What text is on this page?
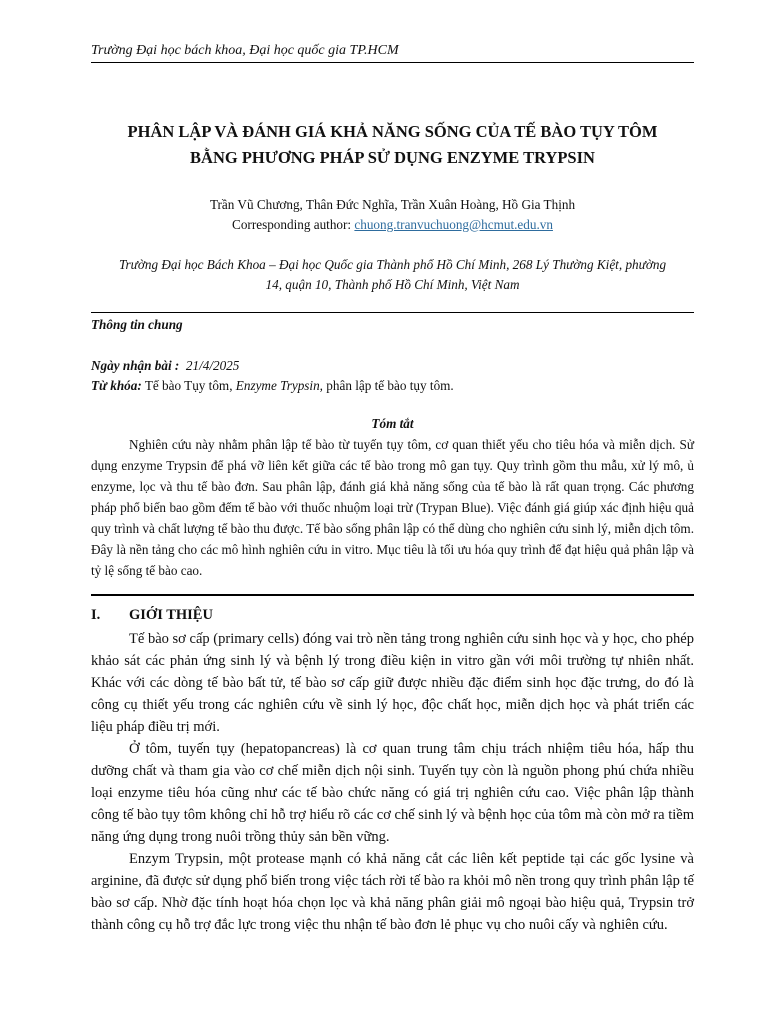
Trường Đại học bách khoa, Đại học quốc gia TP.HCM
PHÂN LẬP VÀ ĐÁNH GIÁ KHẢ NĂNG SỐNG CỦA TẾ BÀO TỤY TÔM
BẰNG PHƯƠNG PHÁP SỬ DỤNG ENZYME TRYPSIN
Trần Vũ Chương, Thân Đức Nghĩa, Trần Xuân Hoàng, Hồ Gia Thịnh
Corresponding author: chuong.tranvuchuong@hcmut.edu.vn
Trường Đại học Bách Khoa – Đại học Quốc gia Thành phố Hồ Chí Minh, 268 Lý Thường Kiệt, phường
14, quận 10, Thành phố Hồ Chí Minh, Việt Nam
Thông tin chung
Ngày nhận bài : 21/4/2025
Từ khóa: Tế bào Tụy tôm, Enzyme Trypsin, phân lập tế bào tụy tôm.
Tóm tắt

Nghiên cứu này nhằm phân lập tế bào từ tuyến tụy tôm, cơ quan thiết yếu cho tiêu hóa và miễn dịch. Sử dụng enzyme Trypsin để phá vỡ liên kết giữa các tế bào trong mô gan tụy. Quy trình gồm thu mẫu, xử lý mô, ủ enzyme, lọc và thu tế bào đơn. Sau phân lập, đánh giá khả năng sống của tế bào là rất quan trọng. Các phương pháp phổ biến bao gồm đếm tế bào với thuốc nhuộm loại trừ (Trypan Blue). Việc đánh giá giúp xác định hiệu quả quy trình và chất lượng tế bào thu được. Tế bào sống phân lập có thể dùng cho nghiên cứu sinh lý, miễn dịch tôm. Đây là nền tảng cho các mô hình nghiên cứu in vitro. Mục tiêu là tối ưu hóa quy trình để đạt hiệu quả phân lập và tỷ lệ sống tế bào cao.

I. GIỚI THIỆU

Tế bào sơ cấp (primary cells) đóng vai trò nền tảng trong nghiên cứu sinh học và y học, cho phép khảo sát các phản ứng sinh lý và bệnh lý trong điều kiện in vitro gần với môi trường tự nhiên nhất. Khác với các dòng tế bào bất tử, tế bào sơ cấp giữ được nhiều đặc điểm sinh học đặc trưng, do đó là công cụ thiết yếu trong các nghiên cứu về sinh lý học, độc chất học, miễn dịch học và phát triển các liệu pháp điều trị mới.

Ở tôm, tuyến tụy (hepatopancreas) là cơ quan trung tâm chịu trách nhiệm tiêu hóa, hấp thu dưỡng chất và tham gia vào cơ chế miễn dịch nội sinh. Tuyến tụy còn là nguồn phong phú chứa nhiều loại enzyme tiêu hóa cũng như các tế bào chức năng có giá trị nghiên cứu cao. Việc phân lập thành công tế bào tụy tôm không chỉ hỗ trợ hiểu rõ các cơ chế sinh lý và bệnh học của tôm mà còn mở ra tiềm năng ứng dụng trong nuôi trồng thủy sản bền vững.

Enzym Trypsin, một protease mạnh có khả năng cắt các liên kết peptide tại các gốc lysine và arginine, đã được sử dụng phổ biến trong việc tách rời tế bào ra khỏi mô nền trong quy trình phân lập tế bào sơ cấp. Nhờ đặc tính hoạt hóa chọn lọc và khả năng phân giải mô ngoại bào hiệu quả, Trypsin trở thành công cụ hỗ trợ đắc lực trong việc thu nhận tế bào đơn lẻ phục vụ cho nuôi cấy và nghiên cứu.
